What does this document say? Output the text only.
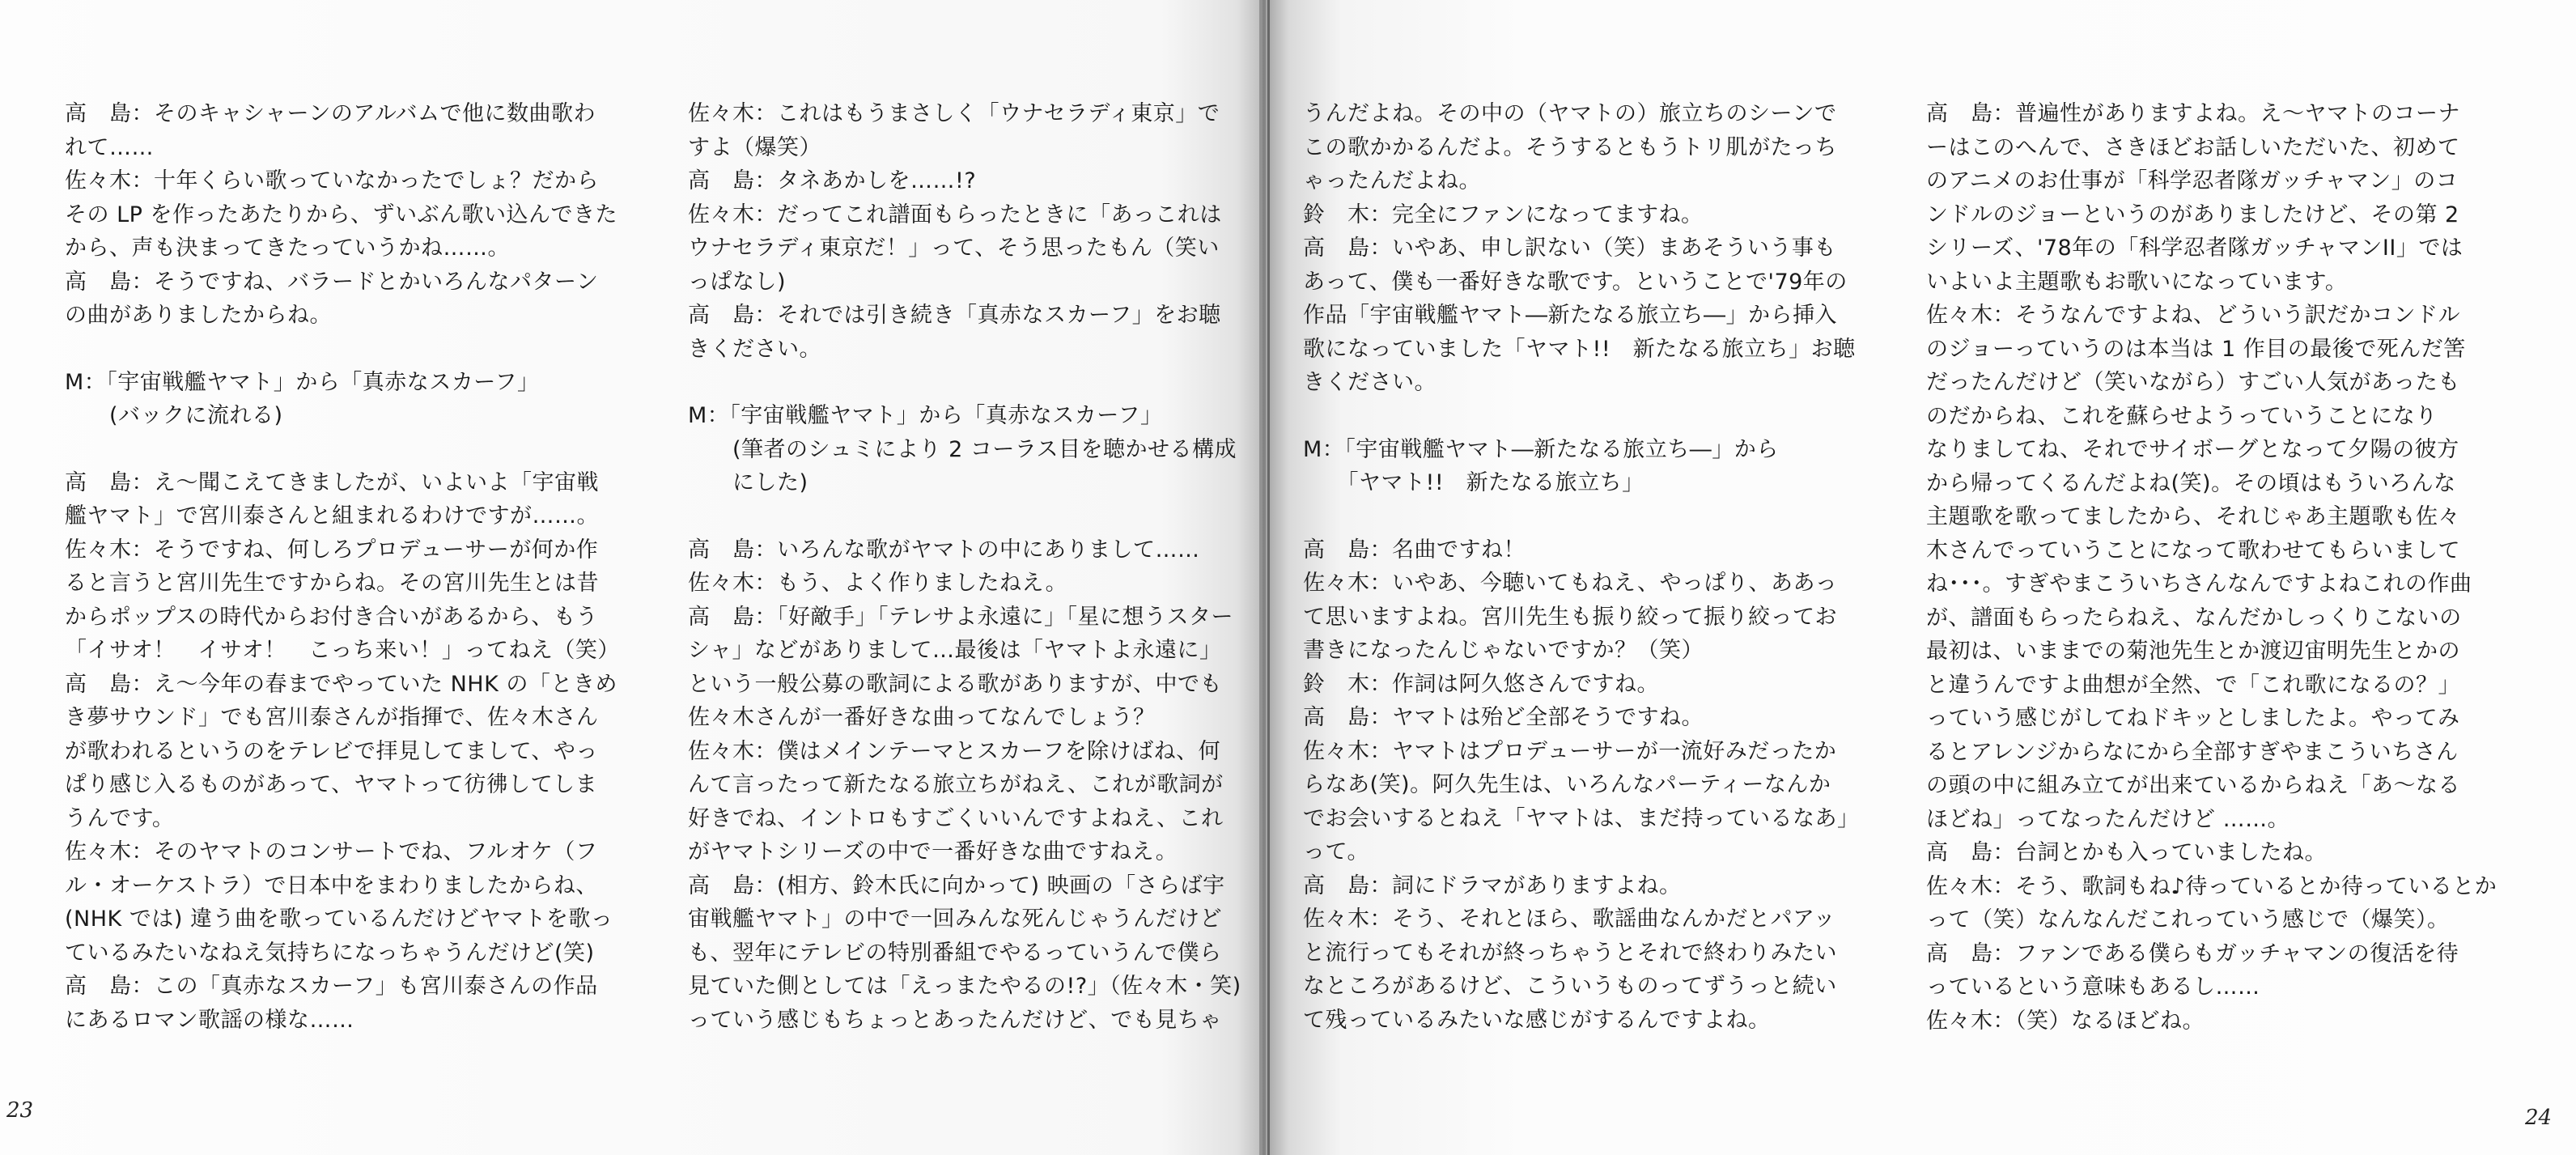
高　島：そのキャシャーンのアルバムで他に数曲歌わ
れて……
佐々木：十年くらい歌っていなかったでしょ？だから
その LP を作ったあたりから、ずいぶん歌い込んできた
から、声も決まってきたっていうかね……。
高　島：そうですね、バラードとかいろんなパターン
の曲がありましたからね。
M：「宇宙戦艦ヤマト」から「真赤なスカーフ」
　　(バックに流れる)
高　島：え～聞こえてきましたが、いよいよ「宇宙戦
艦ヤマト」で宮川泰さんと組まれるわけですが……。
佐々木：そうですね、何しろプロデューサーが何か作
ると言うと宮川先生ですからね。その宮川先生とは昔
からポップスの時代からお付き合いがあるから、もう
「イサオ！　イサオ！　こっち来い！」ってねえ（笑）
高　島：え～今年の春までやっていた NHK の「ときめ
き夢サウンド」でも宮川泰さんが指揮で、佐々木さん
が歌われるというのをテレビで拝見してまして、やっ
ぱり感じ入るものがあって、ヤマトって彷彿してしま
うんです。
佐々木：そのヤマトのコンサートでね、フルオケ（フ
ル・オーケストラ）で日本中をまわりましたからね、
(NHK では) 違う曲を歌っているんだけどヤマトを歌っ
ているみたいなねえ気持ちになっちゃうんだけど(笑)
高　島：この「真赤なスカーフ」も宮川泰さんの作品
にあるロマン歌謡の様な……
佐々木：これはもうまさしく「ウナセラディ東京」で
すよ（爆笑）
高　島：タネあかしを……!?
佐々木：だってこれ譜面もらったときに「あっこれは
ウナセラディ東京だ！」って、そう思ったもん（笑い
っぱなし)
高　島：それでは引き続き「真赤なスカーフ」をお聴
きください。
M：「宇宙戦艦ヤマト」から「真赤なスカーフ」
　　(筆者のシュミにより 2 コーラス目を聴かせる構成
　　にした)
高　島：いろんな歌がヤマトの中にありまして……
佐々木：もう、よく作りましたねえ。
高　島：「好敵手」「テレサよ永遠に」「星に想うスター
シャ」などがありまして…最後は「ヤマトよ永遠に」
という一般公募の歌詞による歌がありますが、中でも
佐々木さんが一番好きな曲ってなんでしょう？
佐々木：僕はメインテーマとスカーフを除けばね、何
んて言ったって新たなる旅立ちがねえ、これが歌詞が
好きでね、イントロもすごくいいんですよねえ、これ
がヤマトシリーズの中で一番好きな曲ですねえ。
高　島：(相方、鈴木氏に向かって) 映画の「さらば宇
宙戦艦ヤマト」の中で一回みんな死んじゃうんだけど
も、翌年にテレビの特別番組でやるっていうんで僕ら
見ていた側としては「えっまたやるの!?」（佐々木・笑)
っていう感じもちょっとあったんだけど、でも見ちゃ
うんだよね。その中の（ヤマトの）旅立ちのシーンで
この歌かかるんだよ。そうするともうトリ肌がたっち
ゃったんだよね。
鈴　木：完全にファンになってますね。
高　島：いやあ、申し訳ない（笑）まあそういう事も
あって、僕も一番好きな歌です。ということで'79年の
作品「宇宙戦艦ヤマト―新たなる旅立ち―」から挿入
歌になっていました「ヤマト!!　新たなる旅立ち」お聴
きください。
M：「宇宙戦艦ヤマト―新たなる旅立ち―」から
　　「ヤマト!!　新たなる旅立ち」
高　島：名曲ですね！
佐々木：いやあ、今聴いてもねえ、やっぱり、ああっ
て思いますよね。宮川先生も振り絞って振り絞ってお
書きになったんじゃないですか？（笑）
鈴　木：作詞は阿久悠さんですね。
高　島：ヤマトは殆ど全部そうですね。
佐々木：ヤマトはプロデューサーが一流好みだったか
らなあ(笑)。阿久先生は、いろんなパーティーなんか
でお会いするとねえ「ヤマトは、まだ持っているなあ」
って。
高　島：詞にドラマがありますよね。
佐々木：そう、それとほら、歌謡曲なんかだとパアッ
と流行ってもそれが終っちゃうとそれで終わりみたい
なところがあるけど、こういうものってずうっと続い
て残っているみたいな感じがするんですよね。
高　島：普遍性がありますよね。え～ヤマトのコーナ
ーはこのへんで、さきほどお話しいただいた、初めて
のアニメのお仕事が「科学忍者隊ガッチャマン」のコ
ンドルのジョーというのがありましたけど、その第 2
シリーズ、'78年の「科学忍者隊ガッチャマンII」では
いよいよ主題歌もお歌いになっています。
佐々木：そうなんですよね、どういう訳だかコンドル
のジョーっていうのは本当は 1 作目の最後で死んだ筈
だったんだけど（笑いながら）すごい人気があったも
のだからね、これを蘇らせようっていうことになり
なりましてね、それでサイボーグとなって夕陽の彼方
から帰ってくるんだよね(笑)。その頃はもういろんな
主題歌を歌ってましたから、それじゃあ主題歌も佐々
木さんでっていうことになって歌わせてもらいまして
ね･･･。すぎやまこういちさんなんですよねこれの作曲
が、譜面もらったらねえ、なんだかしっくりこないの
最初は、いままでの菊池先生とか渡辺宙明先生とかの
と違うんですよ曲想が全然、で「これ歌になるの？」
っていう感じがしてねドキッとしましたよ。やってみ
るとアレンジからなにから全部すぎやまこういちさん
の頭の中に組み立てが出来ているからねえ「あ～なる
ほどね」ってなったんだけど ……。
高　島：台詞とかも入っていましたね。
佐々木：そう、歌詞もね♪待っているとか待っているとか
って（笑）なんなんだこれっていう感じで（爆笑）。
高　島：ファンである僕らもガッチャマンの復活を待
っているという意味もあるし……
佐々木：（笑）なるほどね。
23	24
